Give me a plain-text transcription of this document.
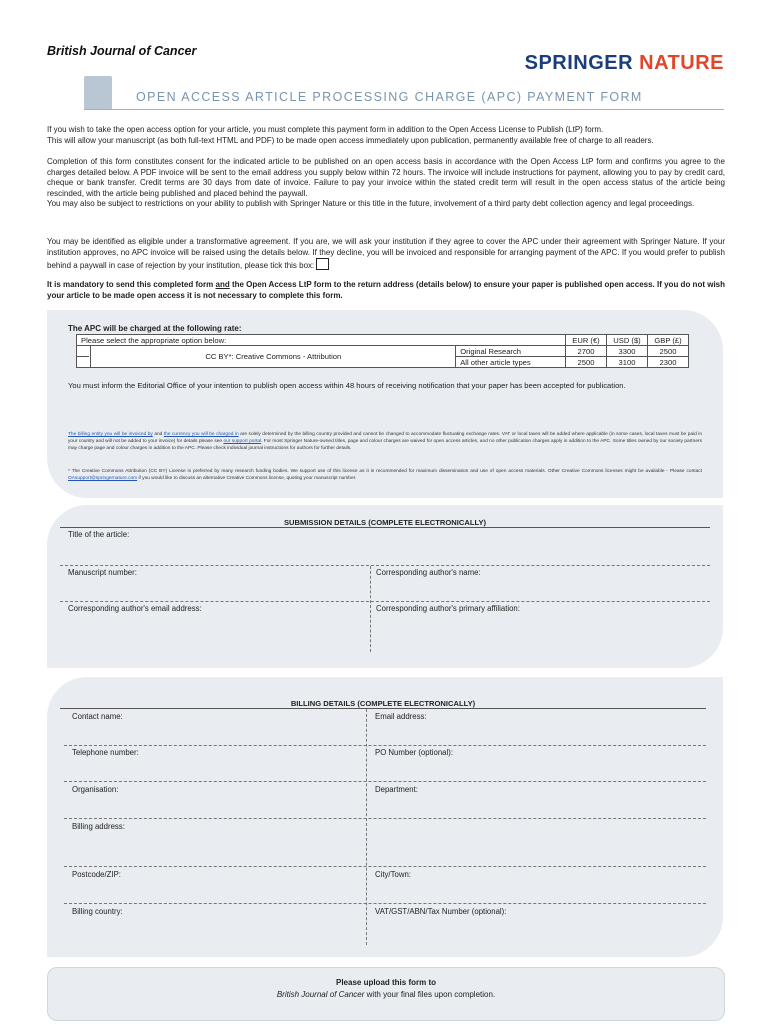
British Journal of Cancer
SPRINGER NATURE
OPEN ACCESS ARTICLE PROCESSING CHARGE (APC) PAYMENT FORM
If you wish to take the open access option for your article, you must complete this payment form in addition to the Open Access License to Publish (LtP) form.
This will allow your manuscript (as both full-text HTML and PDF) to be made open access immediately upon publication, permanently available free of charge to all readers.
Completion of this form constitutes consent for the indicated article to be published on an open access basis in accordance with the Open Access LtP form and confirms you agree to the charges detailed below. A PDF invoice will be sent to the email address you supply below within 72 hours. The invoice will include instructions for payment, allowing you to pay by credit card, cheque or bank transfer. Credit terms are 30 days from date of invoice. Failure to pay your invoice within the stated credit term will result in the open access status of the article being rescinded, with the article being published and placed behind the paywall.
You may also be subject to restrictions on your ability to publish with Springer Nature or this title in the future, involvement of a third party debt collection agency and legal proceedings.
You may be identified as eligible under a transformative agreement. If you are, we will ask your institution if they agree to cover the APC under their agreement with Springer Nature. If your institution approves, no APC invoice will be raised using the details below. If they decline, you will be invoiced and responsible for arranging payment of the APC. If you would prefer to publish behind a paywall in case of rejection by your institution, please tick this box:
It is mandatory to send this completed form and the Open Access LtP form to the return address (details below) to ensure your paper is published open access. If you do not wish your article to be made open access it is not necessary to complete this form.
The APC will be charged at the following rate:
Please select the appropriate option below:			EUR (€)	USD ($)	GBP (£)

	CC BY*: Creative Commons - Attribution	Original Research	2700	3300	2500
		All other article types	2500	3100	2300
You must inform the Editorial Office of your intention to publish open access within 48 hours of receiving notification that your paper has been accepted for publication.
The billing entity you will be invoiced by and the currency you will be charged in are solely determined by the billing country provided and cannot be changed to accommodate fluctuating exchange rates. VAT or local taxes will be added where applicable (in some cases, local taxes must be paid in your country and will not be added to your invoice) for details please see our support portal. For most Springer Nature-owned titles, page and colour charges are waived for open access articles, and no other publication charges apply in addition to the APC. Some titles owned by our society partners may charge page and colour charges in addition to the APC. Please check individual journal instructions for authors for further details.
* The Creative Commons Attribution (CC BY) License is preferred by many research funding bodies. We support use of this license as it is recommended for maximum dissemination and use of open access materials. Other Creative Commons licenses might be available - Please contact OAsupport@springernature.com if you would like to discuss an alternative Creative Commons license, quoting your manuscript number.
SUBMISSION DETAILS (COMPLETE ELECTRONICALLY)
Title of the article:
Manuscript number:	Corresponding author's name:
Corresponding author's email address:	Corresponding author's primary affiliation:
BILLING DETAILS (COMPLETE ELECTRONICALLY)
Contact name:	Email address:
Telephone number:	PO Number (optional):
Organisation:	Department:
Billing address:
Postcode/ZIP:	City/Town:
Billing country:	VAT/GST/ABN/Tax Number (optional):
Please upload this form to
British Journal of Cancer with your final files upon completion.
